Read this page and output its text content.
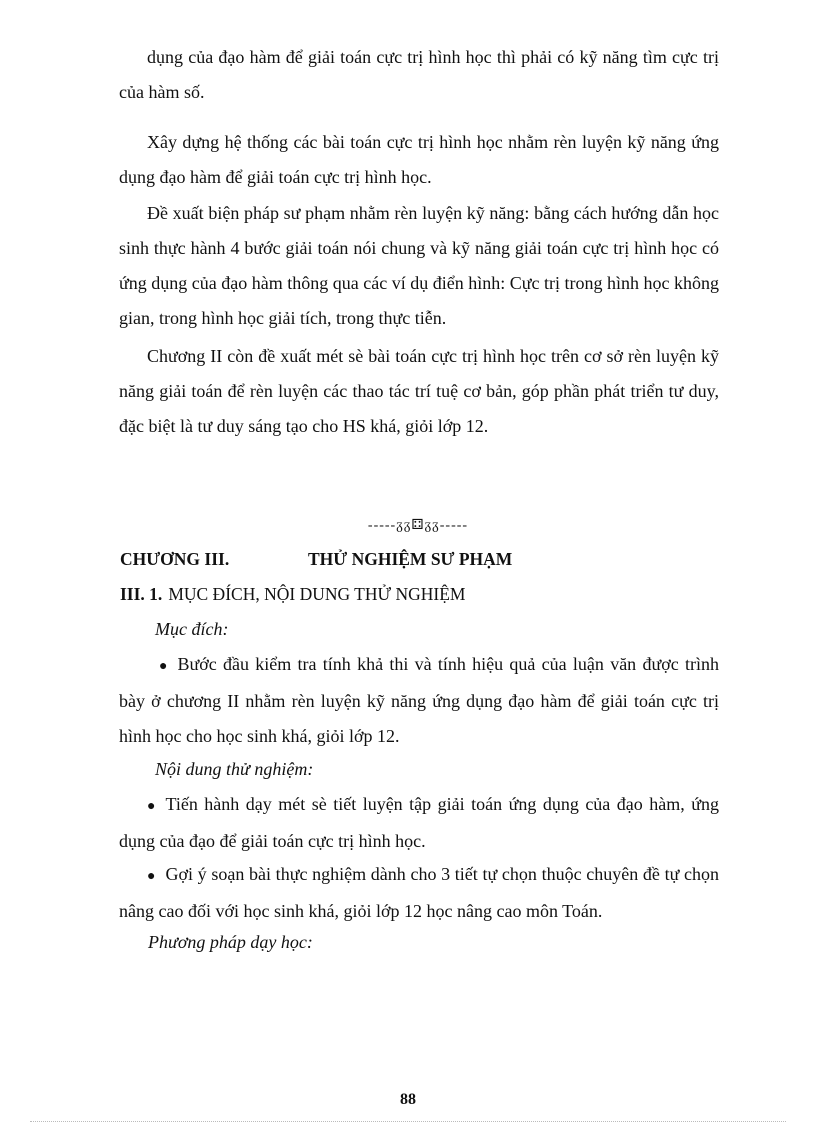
dụng của đạo hàm để giải toán cực trị hình học thì phải có kỹ năng tìm cực trị của hàm số.

Xây dựng hệ thống các bài toán cực trị hình học nhằm rèn luyện kỹ năng ứng dụng đạo hàm để giải toán cực trị hình học.

Đề xuất biện pháp sư phạm nhằm rèn luyện kỹ năng: bằng cách hướng dẫn học sinh thực hành 4 bước giải toán nói chung và kỹ năng giải toán cực trị hình học có ứng dụng của đạo hàm thông qua các ví dụ điển hình: Cực trị trong hình học không gian, trong hình học giải tích, trong thực tiễn.

Chương II còn đề xuất mét sè bài toán cực trị hình học trên cơ sở rèn luyện kỹ năng giải toán để rèn luyện các thao tác trí tuệ cơ bản, góp phần phát triển tư duy, đặc biệt là tư duy sáng tạo cho HS khá, giỏi lớp 12.

-----ᵹᵹ⚃ᵹᵹ-----
CHƯƠNG III.	THỬ NGHIỆM SƯ PHẠM
III. 1. MỤC ĐÍCH, NỘI DUNG THỬ NGHIỆM
Mục đích:

● Bước đầu kiểm tra tính khả thi và tính hiệu quả của luận văn được trình bày ở chương II nhằm rèn luyện kỹ năng ứng dụng đạo hàm để giải toán cực trị hình học cho học sinh khá, giỏi lớp 12.

Nội dung thử nghiệm:

● Tiến hành dạy mét sè tiết luyện tập giải toán ứng dụng của đạo hàm, ứng dụng của đạo để giải toán cực trị hình học.

● Gợi ý soạn bài thực nghiệm dành cho 3 tiết tự chọn thuộc chuyên đề tự chọn nâng cao đối với học sinh khá, giỏi lớp 12 học nâng cao môn Toán.

Phương pháp dạy học:
88
